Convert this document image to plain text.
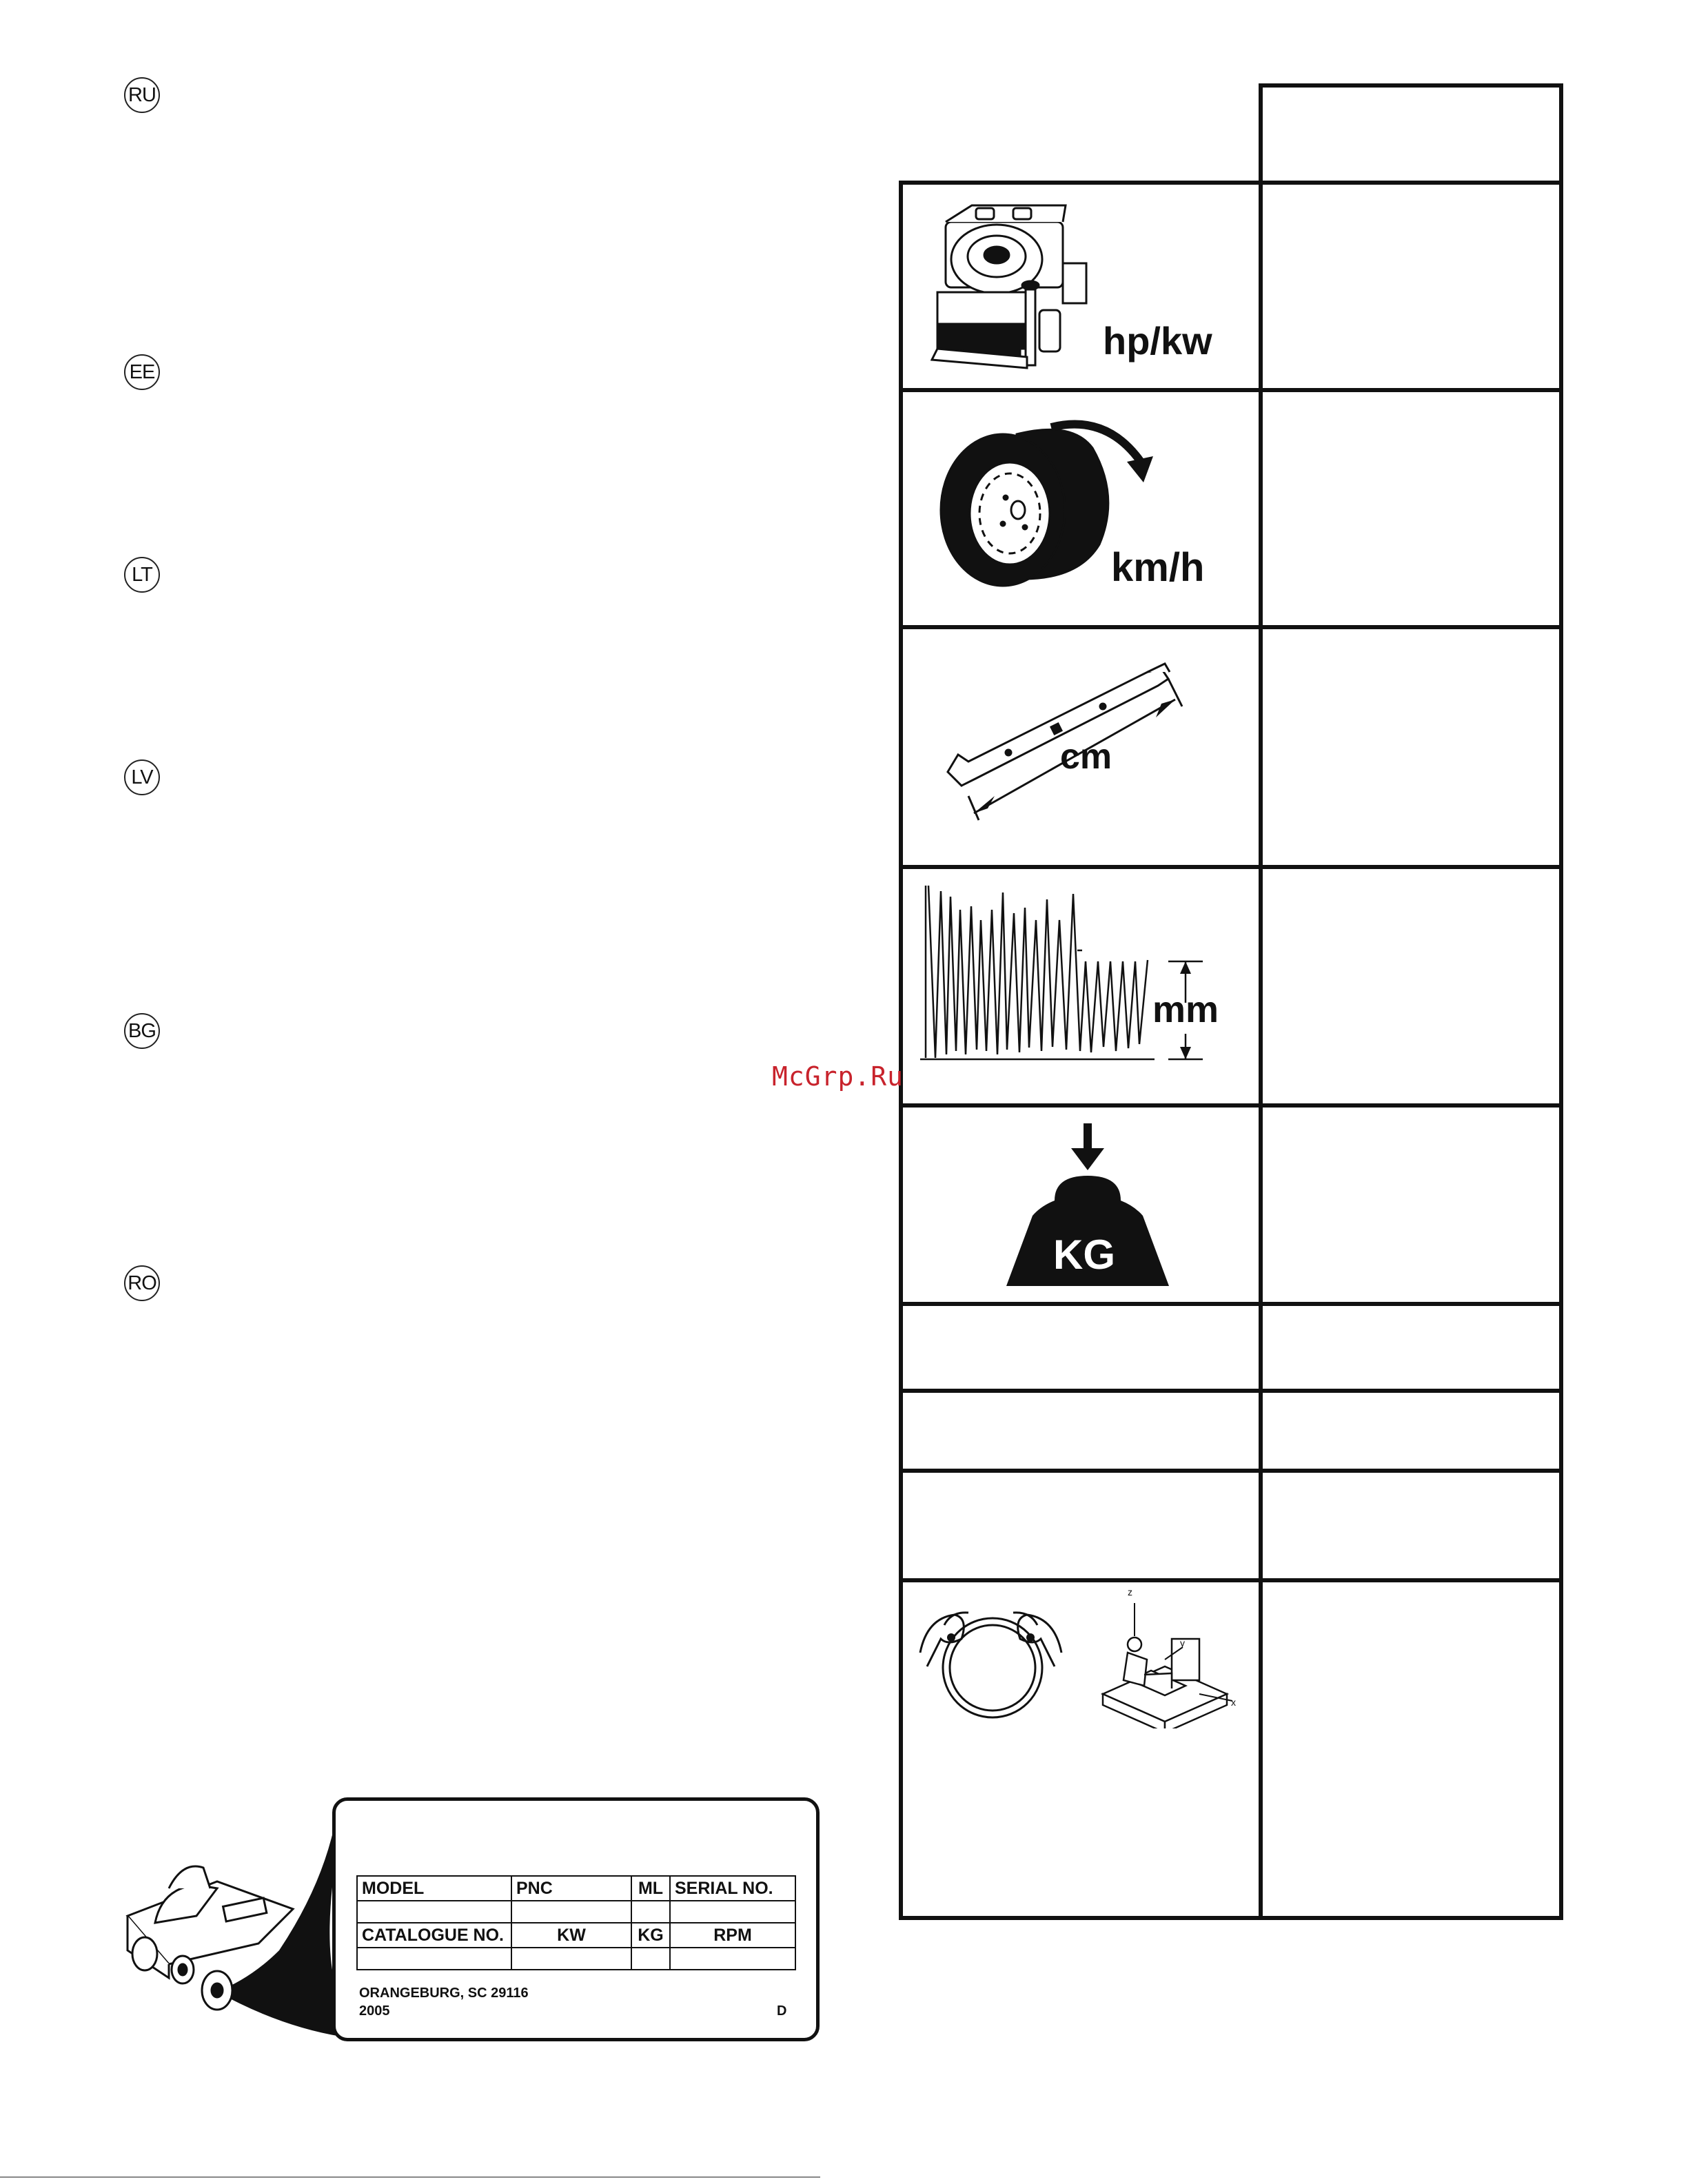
RU
EE
LT
LV
BG
RO
hp/kw
km/h
cm
mm
KG
z
y
x
McGrp.Ru
MODEL	PNC	ML	SERIAL NO.

CATALOGUE NO.	KW	KG	RPM

ORANGEBURG, SC 29116
2005	D
